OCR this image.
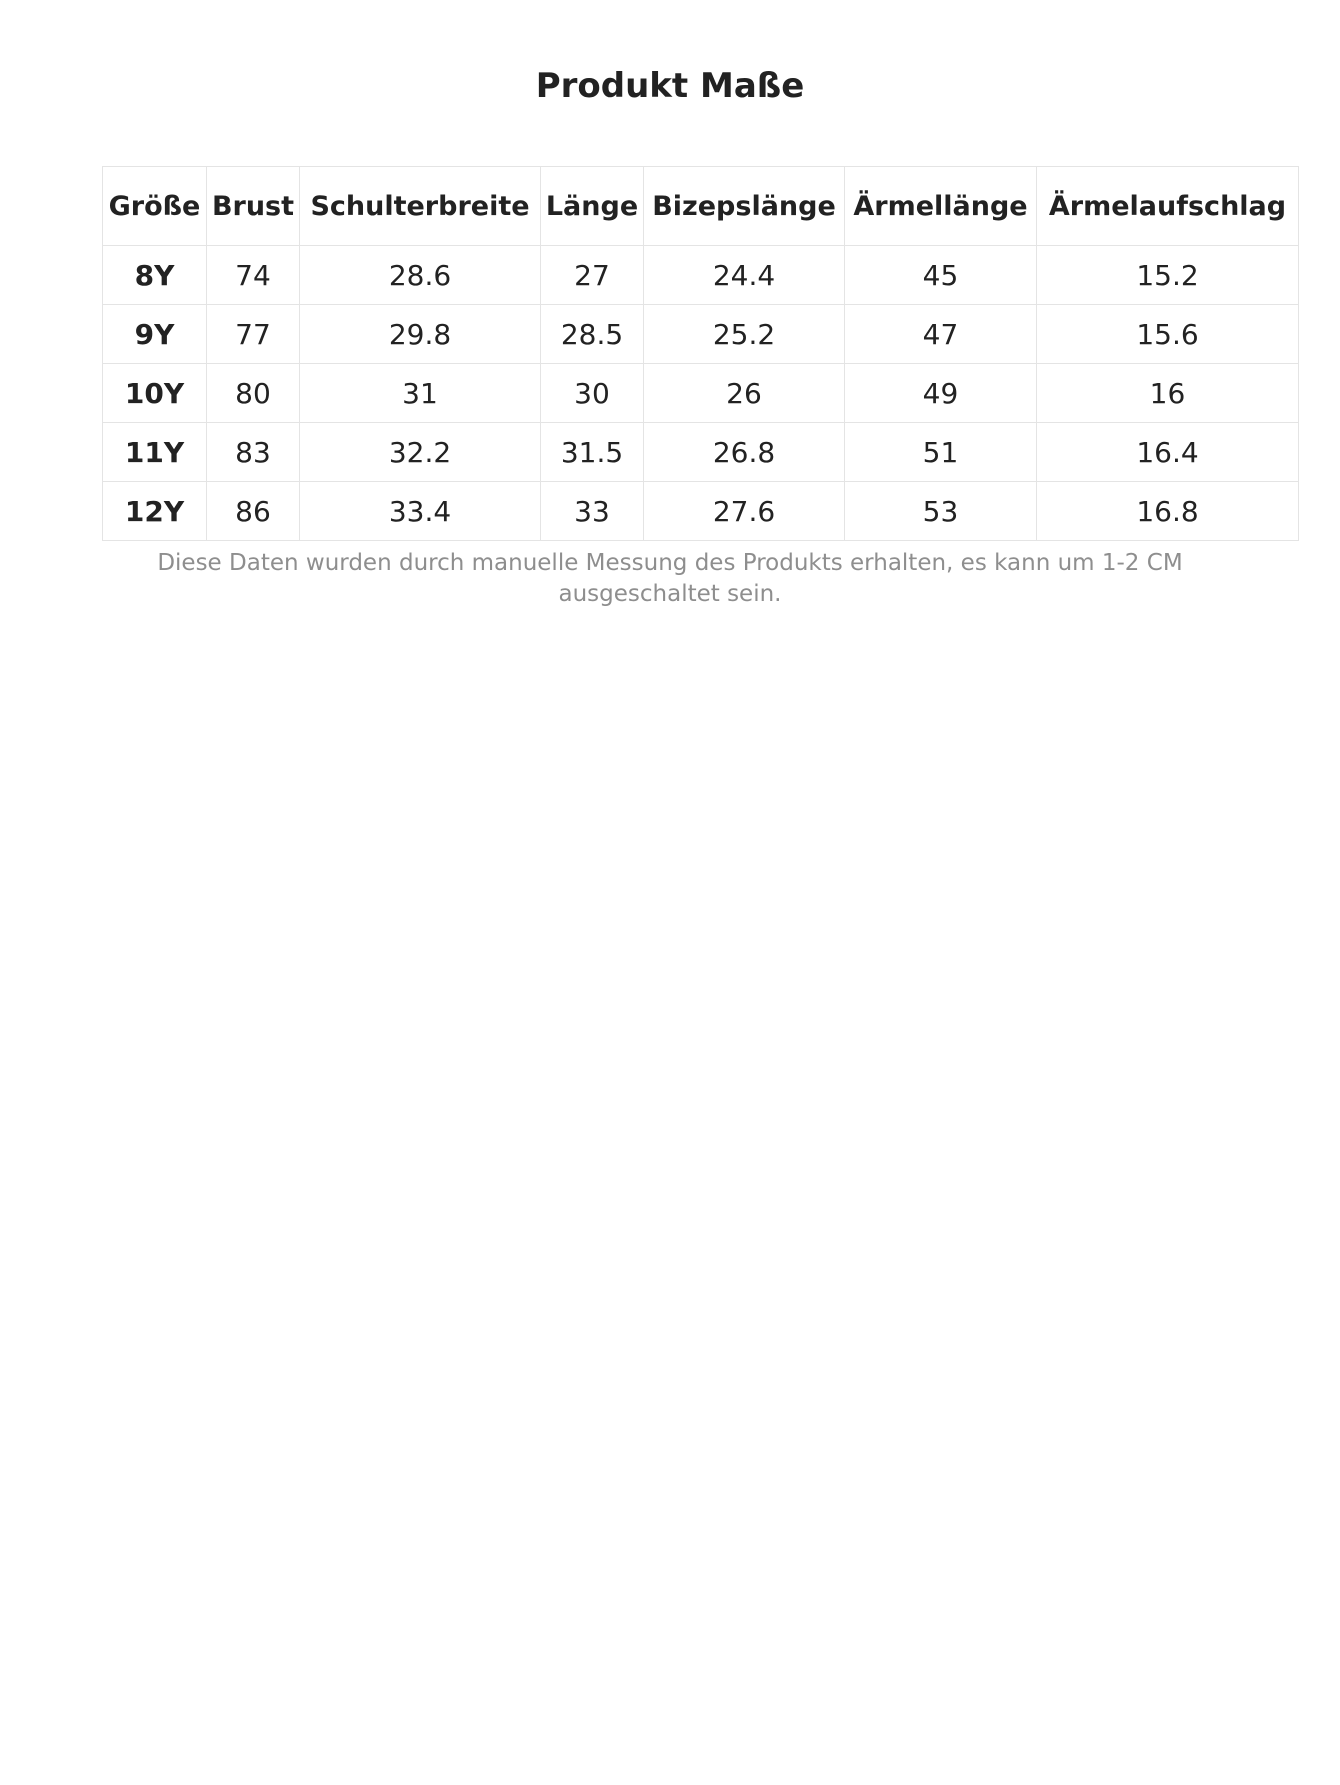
Produkt Maße
Größe	Brust	Schulterbreite	Länge	Bizepslänge	Ärmellänge	Ärmelaufschlag
8Y	74	28.6	27	24.4	45	15.2
9Y	77	29.8	28.5	25.2	47	15.6
10Y	80	31	30	26	49	16
11Y	83	32.2	31.5	26.8	51	16.4
12Y	86	33.4	33	27.6	53	16.8

Diese Daten wurden durch manuelle Messung des Produkts erhalten, es kann um 1-2 CM ausgeschaltet sein.
